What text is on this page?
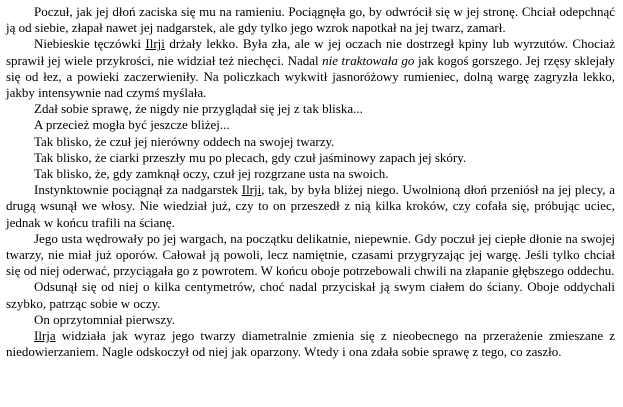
Poczuł, jak jej dłoń zaciska się mu na ramieniu. Pociągnęła go, by odwrócił się w jej stronę. Chciał odepchnąć ją od siebie, złapał nawet jej nadgarstek, ale gdy tylko jego wzrok napotkał na jej twarz, zamarł.

Niebieskie tęczówki Ilrji drżały lekko. Była zła, ale w jej oczach nie dostrzegł kpiny lub wyrzutów. Chociaż sprawił jej wiele przykrości, nie widział też niechęci. Nadal nie traktowała go jak kogoś gorszego. Jej rzęsy sklejały się od łez, a powieki zaczerwieniły. Na policzkach wykwitł jasnoróżowy rumieniec, dolną wargę zagryzła lekko, jakby intensywnie nad czymś myślała.

Zdał sobie sprawę, że nigdy nie przyglądał się jej z tak bliska...

A przecież mogła być jeszcze bliżej...

Tak blisko, że czuł jej nierówny oddech na swojej twarzy.

Tak blisko, że ciarki przeszły mu po plecach, gdy czuł jaśminowy zapach jej skóry.

Tak blisko, że, gdy zamknął oczy, czuł jej rozgrzane usta na swoich.

Instynktownie pociągnął za nadgarstek Ilrji, tak, by była bliżej niego. Uwolnioną dłoń przeniósł na jej plecy, a drugą wsunął we włosy. Nie wiedział już, czy to on przeszedł z nią kilka kroków, czy cofała się, próbując uciec, jednak w końcu trafili na ścianę.

Jego usta wędrowały po jej wargach, na początku delikatnie, niepewnie. Gdy poczuł jej ciepłe dłonie na swojej twarzy, nie miał już oporów. Całował ją powoli, lecz namiętnie, czasami przygryzając jej wargę. Jeśli tylko chciał się od niej oderwać, przyciągała go z powrotem. W końcu oboje potrzebowali chwili na złapanie głębszego oddechu.

Odsunął się od niej o kilka centymetrów, choć nadal przyciskał ją swym ciałem do ściany. Oboje oddychali szybko, patrząc sobie w oczy.

On oprzytomniał pierwszy.

Ilrja widziała jak wyraz jego twarzy diametralnie zmienia się z nieobecnego na przerażenie zmieszane z niedowierzaniem. Nagle odskoczył od niej jak oparzony. Wtedy i ona zdała sobie sprawę z tego, co zaszło.
